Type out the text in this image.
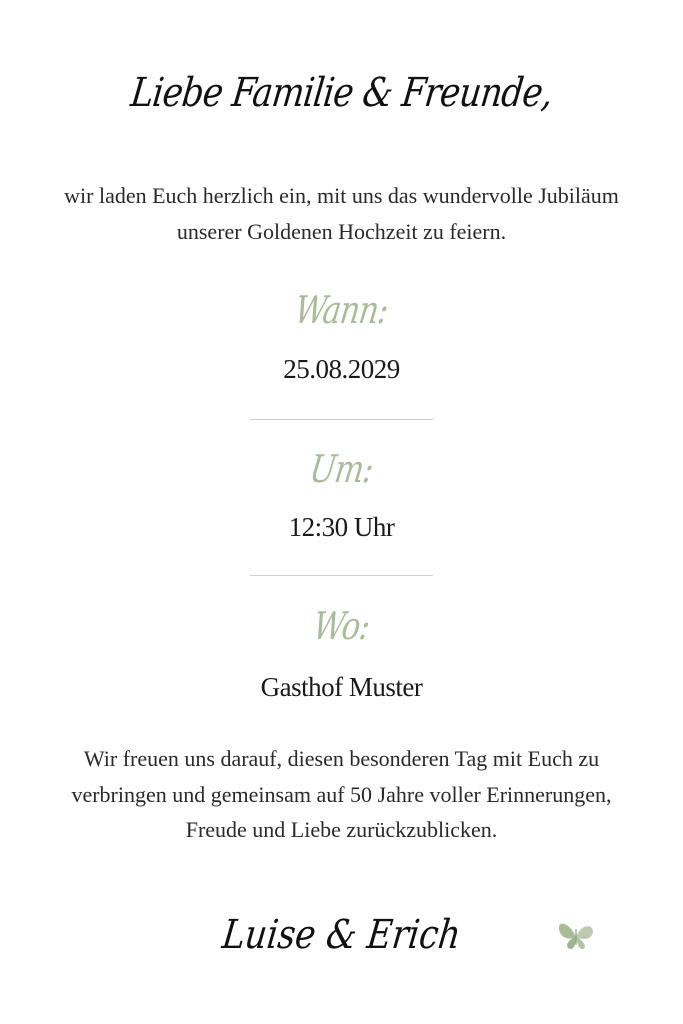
Liebe Familie & Freunde,
wir laden Euch herzlich ein, mit uns das wundervolle Jubiläum unserer Goldenen Hochzeit zu feiern.
Wann:
25.08.2029
Um:
12:30 Uhr
Wo:
Gasthof Muster
Wir freuen uns darauf, diesen besonderen Tag mit Euch zu verbringen und gemeinsam auf 50 Jahre voller Erinnerungen, Freude und Liebe zurückzublicken.
Luise & Erich
